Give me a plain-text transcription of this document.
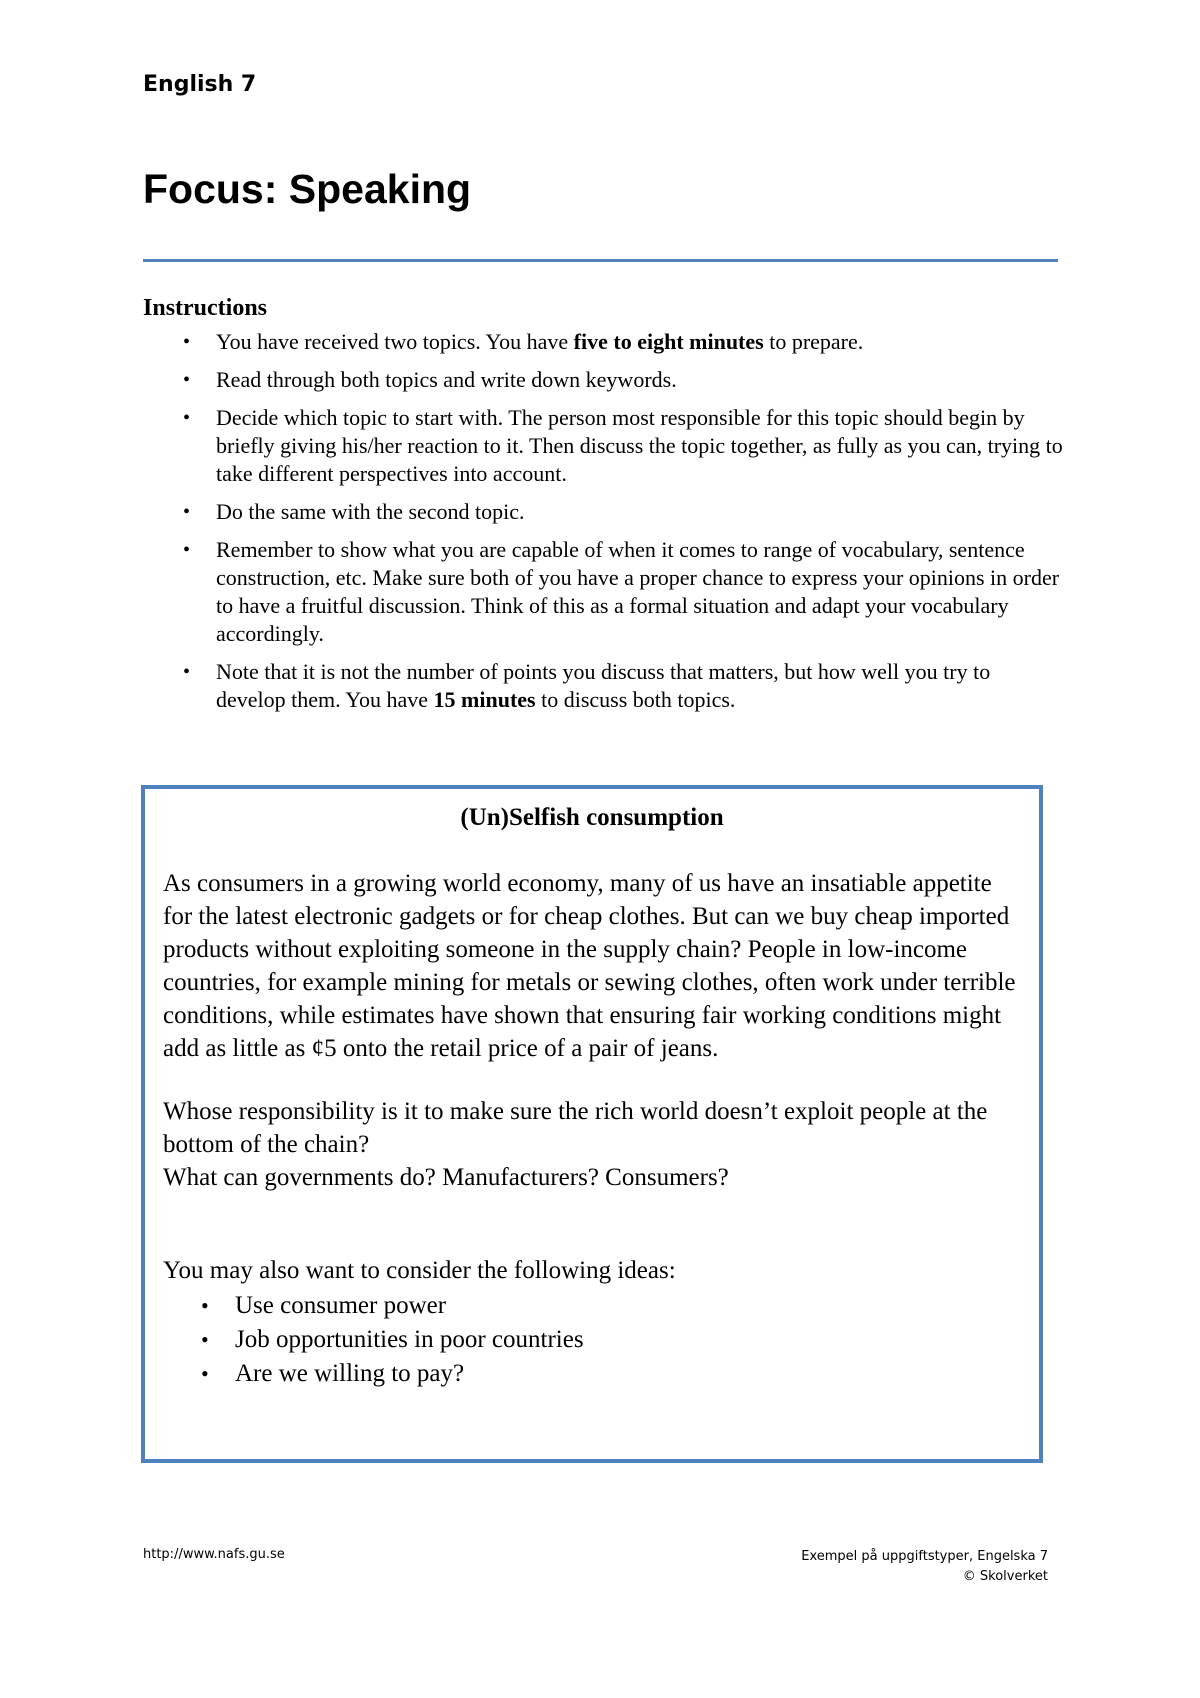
English 7
Focus: Speaking
Instructions
• You have received two topics. You have five to eight minutes to prepare.
• Read through both topics and write down keywords.
• Decide which topic to start with. The person most responsible for this topic should begin by briefly giving his/her reaction to it. Then discuss the topic together, as fully as you can, trying to take different perspectives into account.
• Do the same with the second topic.
• Remember to show what you are capable of when it comes to range of vocabulary, sentence construction, etc. Make sure both of you have a proper chance to express your opinions in order to have a fruitful discussion. Think of this as a formal situation and adapt your vocabulary accordingly.
• Note that it is not the number of points you discuss that matters, but how well you try to develop them. You have 15 minutes to discuss both topics.
(Un)Selfish consumption

As consumers in a growing world economy, many of us have an insatiable appetite for the latest electronic gadgets or for cheap clothes. But can we buy cheap imported products without exploiting someone in the supply chain? People in low-income countries, for example mining for metals or sewing clothes, often work under terrible conditions, while estimates have shown that ensuring fair working conditions might add as little as ¢5 onto the retail price of a pair of jeans.

Whose responsibility is it to make sure the rich world doesn’t exploit people at the bottom of the chain?

What can governments do? Manufacturers? Consumers?

You may also want to consider the following ideas:

• Use consumer power
• Job opportunities in poor countries
• Are we willing to pay?
http://www.nafs.gu.se	Exempel på uppgiftstyper, Engelska 7
© Skolverket
